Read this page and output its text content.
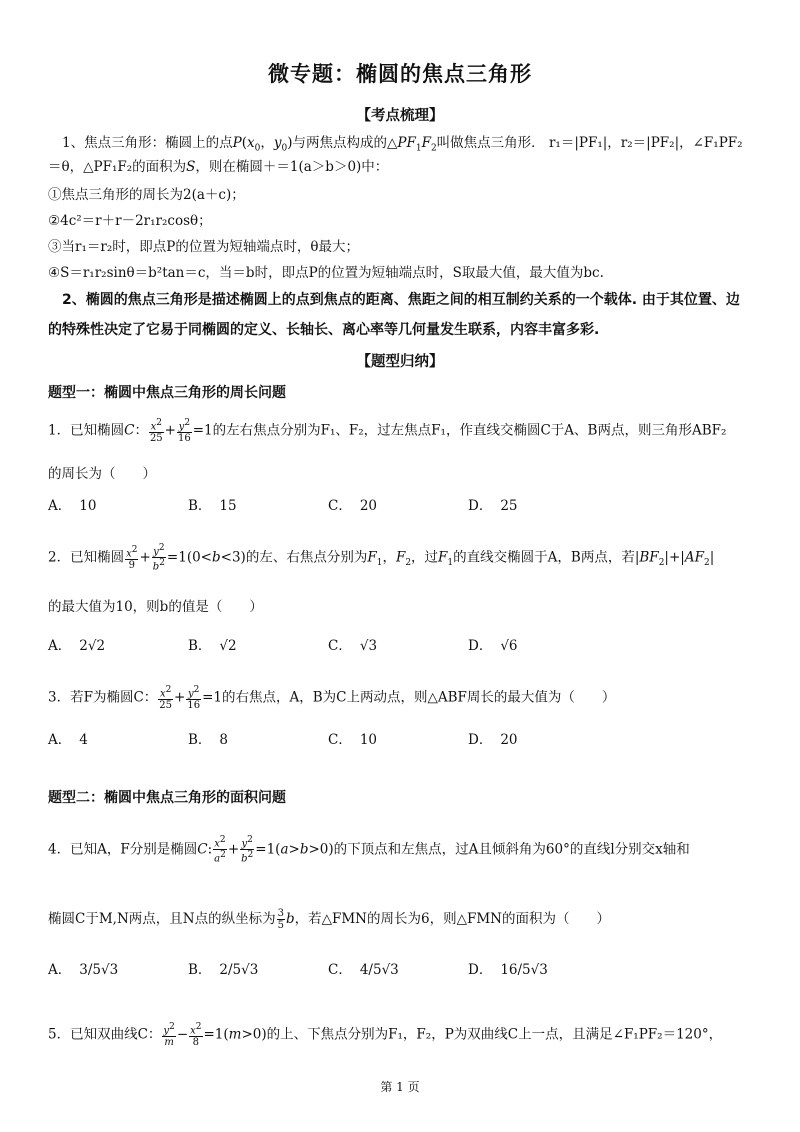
微专题：椭圆的焦点三角形
【考点梳理】
1、焦点三角形：椭圆上的点$P(x_0$，$y_0$)与两焦点构成的$\triangle PF_1F_2$叫做焦点三角形． r₁＝|PF₁|，r₂＝|PF₂|，∠F₁PF₂
＝θ，△PF₁F₂的面积为S，则在椭圆＋＝1(a＞b＞0)中：
①焦点三角形的周长为2(a＋c)；
②4c²＝r＋r－2r₁r₂cosθ；
③当r₁＝r₂时，即点P的位置为短轴端点时，θ最大；
④S＝r₁r₂sinθ＝b²tan＝c，当＝b时，即点P的位置为短轴端点时，S取最大值，最大值为bc.
2、椭圆的焦点三角形是描述椭圆上的点到焦点的距离、焦距之间的相互制约关系的一个载体. 由于其位置、边
的特殊性决定了它易于同椭圆的定义、长轴长、离心率等几何量发生联系，内容丰富多彩.
【题型归纳】
题型一：椭圆中焦点三角形的周长问题
1．已知椭圆C： $\frac{x^2}{25} + \frac{y^2}{16} =1$的左右焦点分别为F₁、F₂，过左焦点F₁，作直线交椭圆C于A、B两点，则三角形ABF₂
的周长为（　　）
A． 10	B． 15	C． 20	D． 25
2．已知椭圆 $\frac{x^2}{9} + \frac{y^2}{b^2} =1(0<b<3)$的左、右焦点分别为$F_1$，$F_2$，过$F_1$的直线交椭圆于A，B两点，若$|BF_2|+|AF_2|$
的最大值为10，则b的值是（　　）
A． 2√2	B． √2	C． √3	D． √6
3．若F为椭圆C： $\frac{x^2}{25} + \frac{y^2}{16} =1$的右焦点，A，B为C上两动点，则△ABF周长的最大值为（　　）
A． 4	B． 8	C． 10	D． 20
题型二：椭圆中焦点三角形的面积问题
4．已知A，F分别是椭圆C: $\frac{x^2}{a^2} + \frac{y^2}{b^2} =1(a>b>0)$的下顶点和左焦点，过A且倾斜角为60°的直线l分别交x轴和
椭圆C于M,N两点，且N点的纵坐标为 $\frac{3}{5}$ b，若△FMN的周长为6，则△FMN的面积为（　　）
A． 3/5√3	B． 2/5√3	C． 4/5√3	D． 16/5√3
5．已知双曲线C： $\frac{y^2}{m} - \frac{x^2}{8} =1(m>0)$的上、下焦点分别为F₁，F₂，P为双曲线C上一点，且满足∠F₁PF₂＝120°，
第 1 页
